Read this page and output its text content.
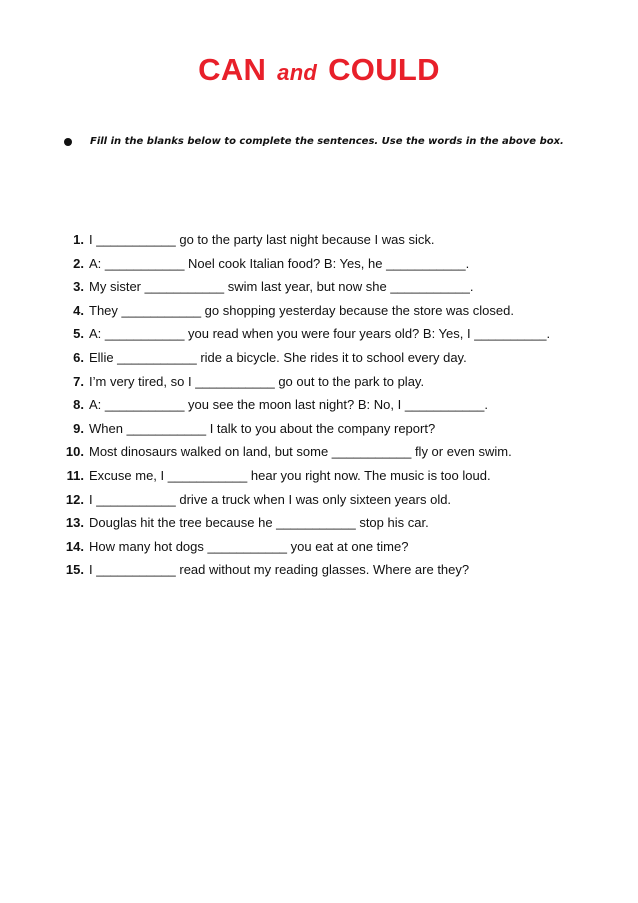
CAN and COULD
Fill in the blanks below to complete the sentences. Use the words in the above box.
1. I ___________ go to the party last night because I was sick.
2. A: ___________ Noel cook Italian food? B: Yes, he ___________.
3. My sister ___________ swim last year, but now she ___________.
4. They ___________ go shopping yesterday because the store was closed.
5. A: ___________ you read when you were four years old? B: Yes, I __________.
6. Ellie ___________ ride a bicycle. She rides it to school every day.
7. I’m very tired, so I ___________ go out to the park to play.
8. A: ___________ you see the moon last night? B: No, I ___________.
9. When ___________ I talk to you about the company report?
10. Most dinosaurs walked on land, but some ___________ fly or even swim.
11. Excuse me, I ___________ hear you right now. The music is too loud.
12. I ___________ drive a truck when I was only sixteen years old.
13. Douglas hit the tree because he ___________ stop his car.
14. How many hot dogs ___________ you eat at one time?
15. I ___________ read without my reading glasses. Where are they?
